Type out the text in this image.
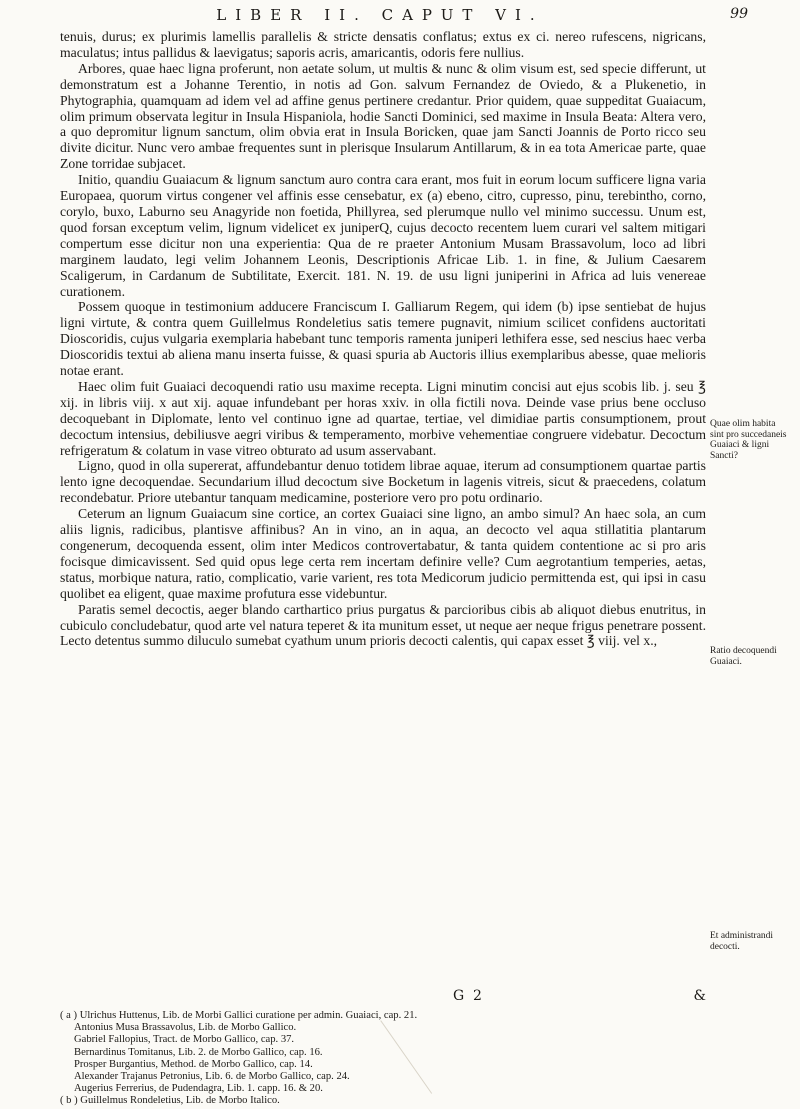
LIBER II. CAPUT VI.	99

tenuis, durus; ex plurimis lamellis parallelis & stricte densatis conflatus; extus ex ci. nereo rufescens, nigricans, maculatus; intus pallidus & laevigatus; saporis acris, amaricantis, odoris fere nullius.

Arbores, quae haec ligna proferunt, non aetate solum, ut multis & nunc & olim visum est, sed specie differunt, ut demonstratum est a Johanne Terentio, in notis ad Gon. salvum Fernandez de Oviedo, & a Plukenetio, in Phytographia, quamquam ad idem vel ad affine genus pertinere credantur. Prior quidem, quae suppeditat Guaiacum, olim primum observata legitur in Insula Hispaniola, hodie Sancti Dominici, sed maxime in Insula Beata: Altera vero, a quo depromitur lignum sanctum, olim obvia erat in Insula Boricken, quae jam Sancti Joannis de Porto ricco seu divite dicitur. Nunc vero ambae frequentes sunt in plerisque Insularum Antillarum, & in ea tota Americae parte, quae Zone torridae subjacet.

Initio, quandiu Guaiacum & lignum sanctum auro contra cara erant, mos fuit in eorum locum sufficere ligna varia Europaea, quorum virtus congener vel affinis esse censebatur, ex (a) ebeno, citro, cupresso, pinu, terebintho, corno, corylo, buxo, Laburno seu Anagyride non foetida, Phillyrea, sed plerumque nullo vel minimo successu. Unum est, quod forsan exceptum velim, lignum videlicet ex juniperQ, cujus decocto recentem luem curari vel saltem mitigari compertum esse dicitur non una experientia: Qua de re praeter Antonium Musam Brassavolum, loco ad libri marginem laudato, legi velim Johannem Leonis, Descriptionis Africae Lib. 1. in fine, & Julium Caesarem Scaligerum, in Cardanum de Subtilitate, Exercit. 181. N. 19. de usu ligni juniperini in Africa ad luis venereae curationem.

Possem quoque in testimonium adducere Franciscum I. Galliarum Regem, qui idem (b) ipse sentiebat de hujus ligni virtute, & contra quem Guillelmus Rondeletius satis temere pugnavit, nimium scilicet confidens auctoritati Dioscoridis, cujus vulgaria exemplaria habebant tunc temporis ramenta juniperi lethifera esse, sed nescius haec verba Dioscoridis textui ab aliena manu inserta fuisse, & quasi spuria ab Auctoris illius exemplaribus abesse, quae melioris notae erant.

Haec olim fuit Guaiaci decoquendi ratio usu maxime recepta. Ligni minutim concisi aut ejus scobis lib. j. seu ℥ xij. in libris viij. x aut xij. aquae infundebant per horas xxiv. in olla fictili nova. Deinde vase prius bene occluso decoquebant in Diplomate, lento vel continuo igne ad quartae, tertiae, vel dimidiae partis consumptionem, prout decoctum intensius, debiliusve aegri viribus & temperamento, morbive vehementiae congruere videbatur. Decoctum refrigeratum & colatum in vase vitreo obturato ad usum asservabant.

Ligno, quod in olla supererat, affundebantur denuo totidem librae aquae, iterum ad consumptionem quartae partis lento igne decoquendae. Secundarium illud decoctum sive Bocketum in lagenis vitreis, sicut & praecedens, colatum recondebatur. Priore utebantur tanquam medicamine, posteriore vero pro potu ordinario.

Ceterum an lignum Guaiacum sine cortice, an cortex Guaiaci sine ligno, an ambo simul? An haec sola, an cum aliis lignis, radicibus, plantisve affinibus? An in vino, an in aqua, an decocto vel aqua stillatitia plantarum congenerum, decoquenda essent, olim inter Medicos controvertabatur, & tanta quidem contentione ac si pro aris focisque dimicavissent. Sed quid opus lege certa rem incertam definire velle? Cum aegrotantium temperies, aetas, status, morbique natura, ratio, complicatio, varie varient, res tota Medicorum judicio permittenda est, qui ipsi in casu quolibet ea eligent, quae maxime profutura esse videbuntur.

Paratis semel decoctis, aeger blando carthartico prius purgatus & parcioribus cibis ab aliquot diebus enutritus, in cubiculo concludebatur, quod arte vel natura teperet & ita munitum esset, ut neque aer neque frigus penetrare possent. Lecto detentus summo diluculo sumebat cyathum unum prioris decocti calentis, qui capax esset ℥ viij. vel x.,

Quae olim habita sint pro succedaneis Guaiaci & ligni Sancti?
Ratio decoquendi Guaiaci.
Et administrandi decocti.
G 2	&
( a ) Ulrichus Huttenus, Lib. de Morbi Gallici curatione per admin. Guaiaci, cap. 21.
Antonius Musa Brassavolus, Lib. de Morbo Gallico.
Gabriel Fallopius, Tract. de Morbo Gallico, cap. 37.
Bernardinus Tomitanus, Lib. 2. de Morbo Gallico, cap. 16.
Prosper Burgantius, Method. de Morbo Gallico, cap. 14.
Alexander Trajanus Petronius, Lib. 6. de Morbo Gallico, cap. 24.
Augerius Ferrerius, de Pudendagra, Lib. 1. capp. 16. & 20.
( b ) Guillelmus Rondeletius, Lib. de Morbo Italico.
